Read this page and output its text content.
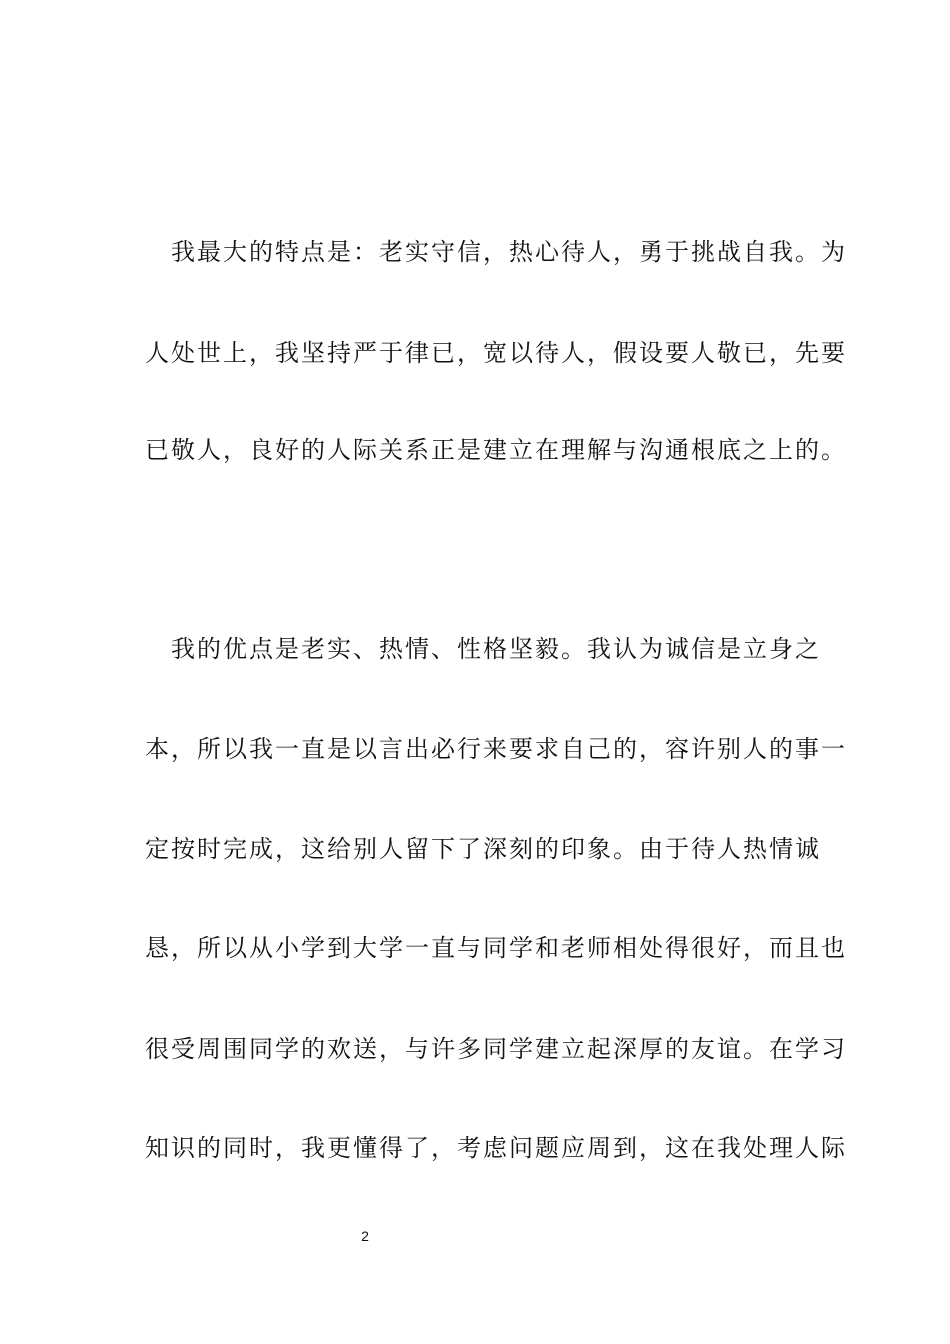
　我最大的特点是：老实守信，热心待人，勇于挑战自我。为
人处世上，我坚持严于律已，宽以待人，假设要人敬已，先要
已敬人，良好的人际关系正是建立在理解与沟通根底之上的。
　我的优点是老实、热情、性格坚毅。我认为诚信是立身之
本，所以我一直是以言出必行来要求自己的，容许别人的事一
定按时完成，这给别人留下了深刻的印象。由于待人热情诚
恳，所以从小学到大学一直与同学和老师相处得很好，而且也
很受周围同学的欢送，与许多同学建立起深厚的友谊。在学习
知识的同时，我更懂得了，考虑问题应周到，这在我处理人际
2
